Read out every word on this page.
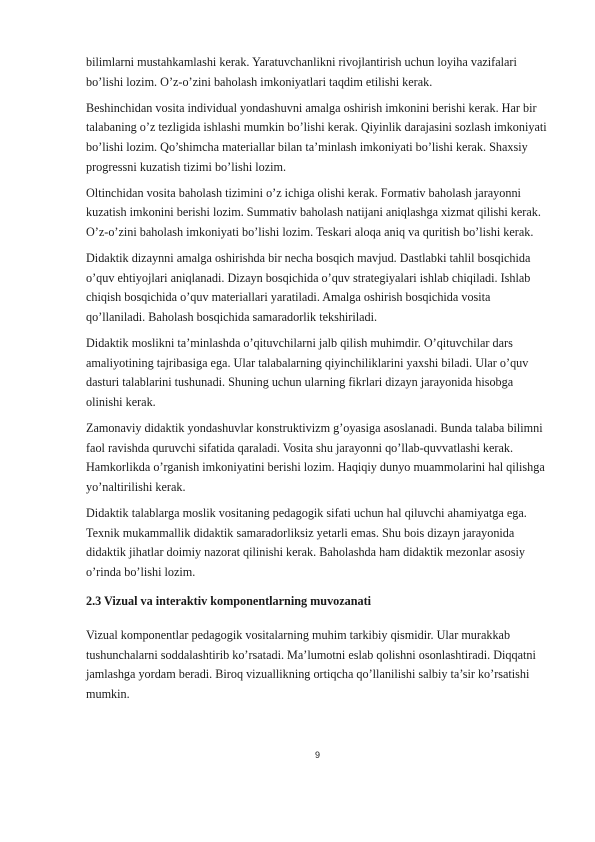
bilimlarni mustahkamlashi kerak. Yaratuvchanlikni rivojlantirish uchun loyiha vazifalari bo’lishi lozim. O’z-o’zini baholash imkoniyatlari taqdim etilishi kerak.

Beshinchidan vosita individual yondashuvni amalga oshirish imkonini berishi kerak. Har bir talabaning o’z tezligida ishlashi mumkin bo’lishi kerak. Qiyinlik darajasini sozlash imkoniyati bo’lishi lozim. Qo’shimcha materiallar bilan ta’minlash imkoniyati bo’lishi kerak. Shaxsiy progressni kuzatish tizimi bo’lishi lozim.

Oltinchidan vosita baholash tizimini o’z ichiga olishi kerak. Formativ baholash jarayonni kuzatish imkonini berishi lozim. Summativ baholash natijani aniqlashga xizmat qilishi kerak. O’z-o’zini baholash imkoniyati bo’lishi lozim. Teskari aloqa aniq va quritish bo’lishi kerak.

Didaktik dizaynni amalga oshirishda bir necha bosqich mavjud. Dastlabki tahlil bosqichida o’quv ehtiyojlari aniqlanadi. Dizayn bosqichida o’quv strategiyalari ishlab chiqiladi. Ishlab chiqish bosqichida o’quv materiallari yaratiladi. Amalga oshirish bosqichida vosita qo’llaniladi. Baholash bosqichida samaradorlik tekshiriladi.

Didaktik moslikni ta’minlashda o’qituvchilarni jalb qilish muhimdir. O’qituvchilar dars amaliyotining tajribasiga ega. Ular talabalarning qiyinchiliklarini yaxshi biladi. Ular o’quv dasturi talablarini tushunadi. Shuning uchun ularning fikrlari dizayn jarayonida hisobga olinishi kerak.

Zamonaviy didaktik yondashuvlar konstruktivizm g’oyasiga asoslanadi. Bunda talaba bilimni faol ravishda quruvchi sifatida qaraladi. Vosita shu jarayonni qo’llab-quvvatlashi kerak. Hamkorlikda o’rganish imkoniyatini berishi lozim. Haqiqiy dunyo muammolarini hal qilishga yo’naltirilishi kerak.

Didaktik talablarga moslik vositaning pedagogik sifati uchun hal qiluvchi ahamiyatga ega. Texnik mukammallik didaktik samaradorliksiz yetarli emas. Shu bois dizayn jarayonida didaktik jihatlar doimiy nazorat qilinishi kerak. Baholashda ham didaktik mezonlar asosiy o’rinda bo’lishi lozim.

2.3 Vizual va interaktiv komponentlarning muvozanati

Vizual komponentlar pedagogik vositalarning muhim tarkibiy qismidir. Ular murakkab tushunchalarni soddalashtirib ko’rsatadi. Ma’lumotni eslab qolishni osonlashtiradi. Diqqatni jamlashga yordam beradi. Biroq vizuallikning ortiqcha qo’llanilishi salbiy ta’sir ko’rsatishi mumkin.

9
